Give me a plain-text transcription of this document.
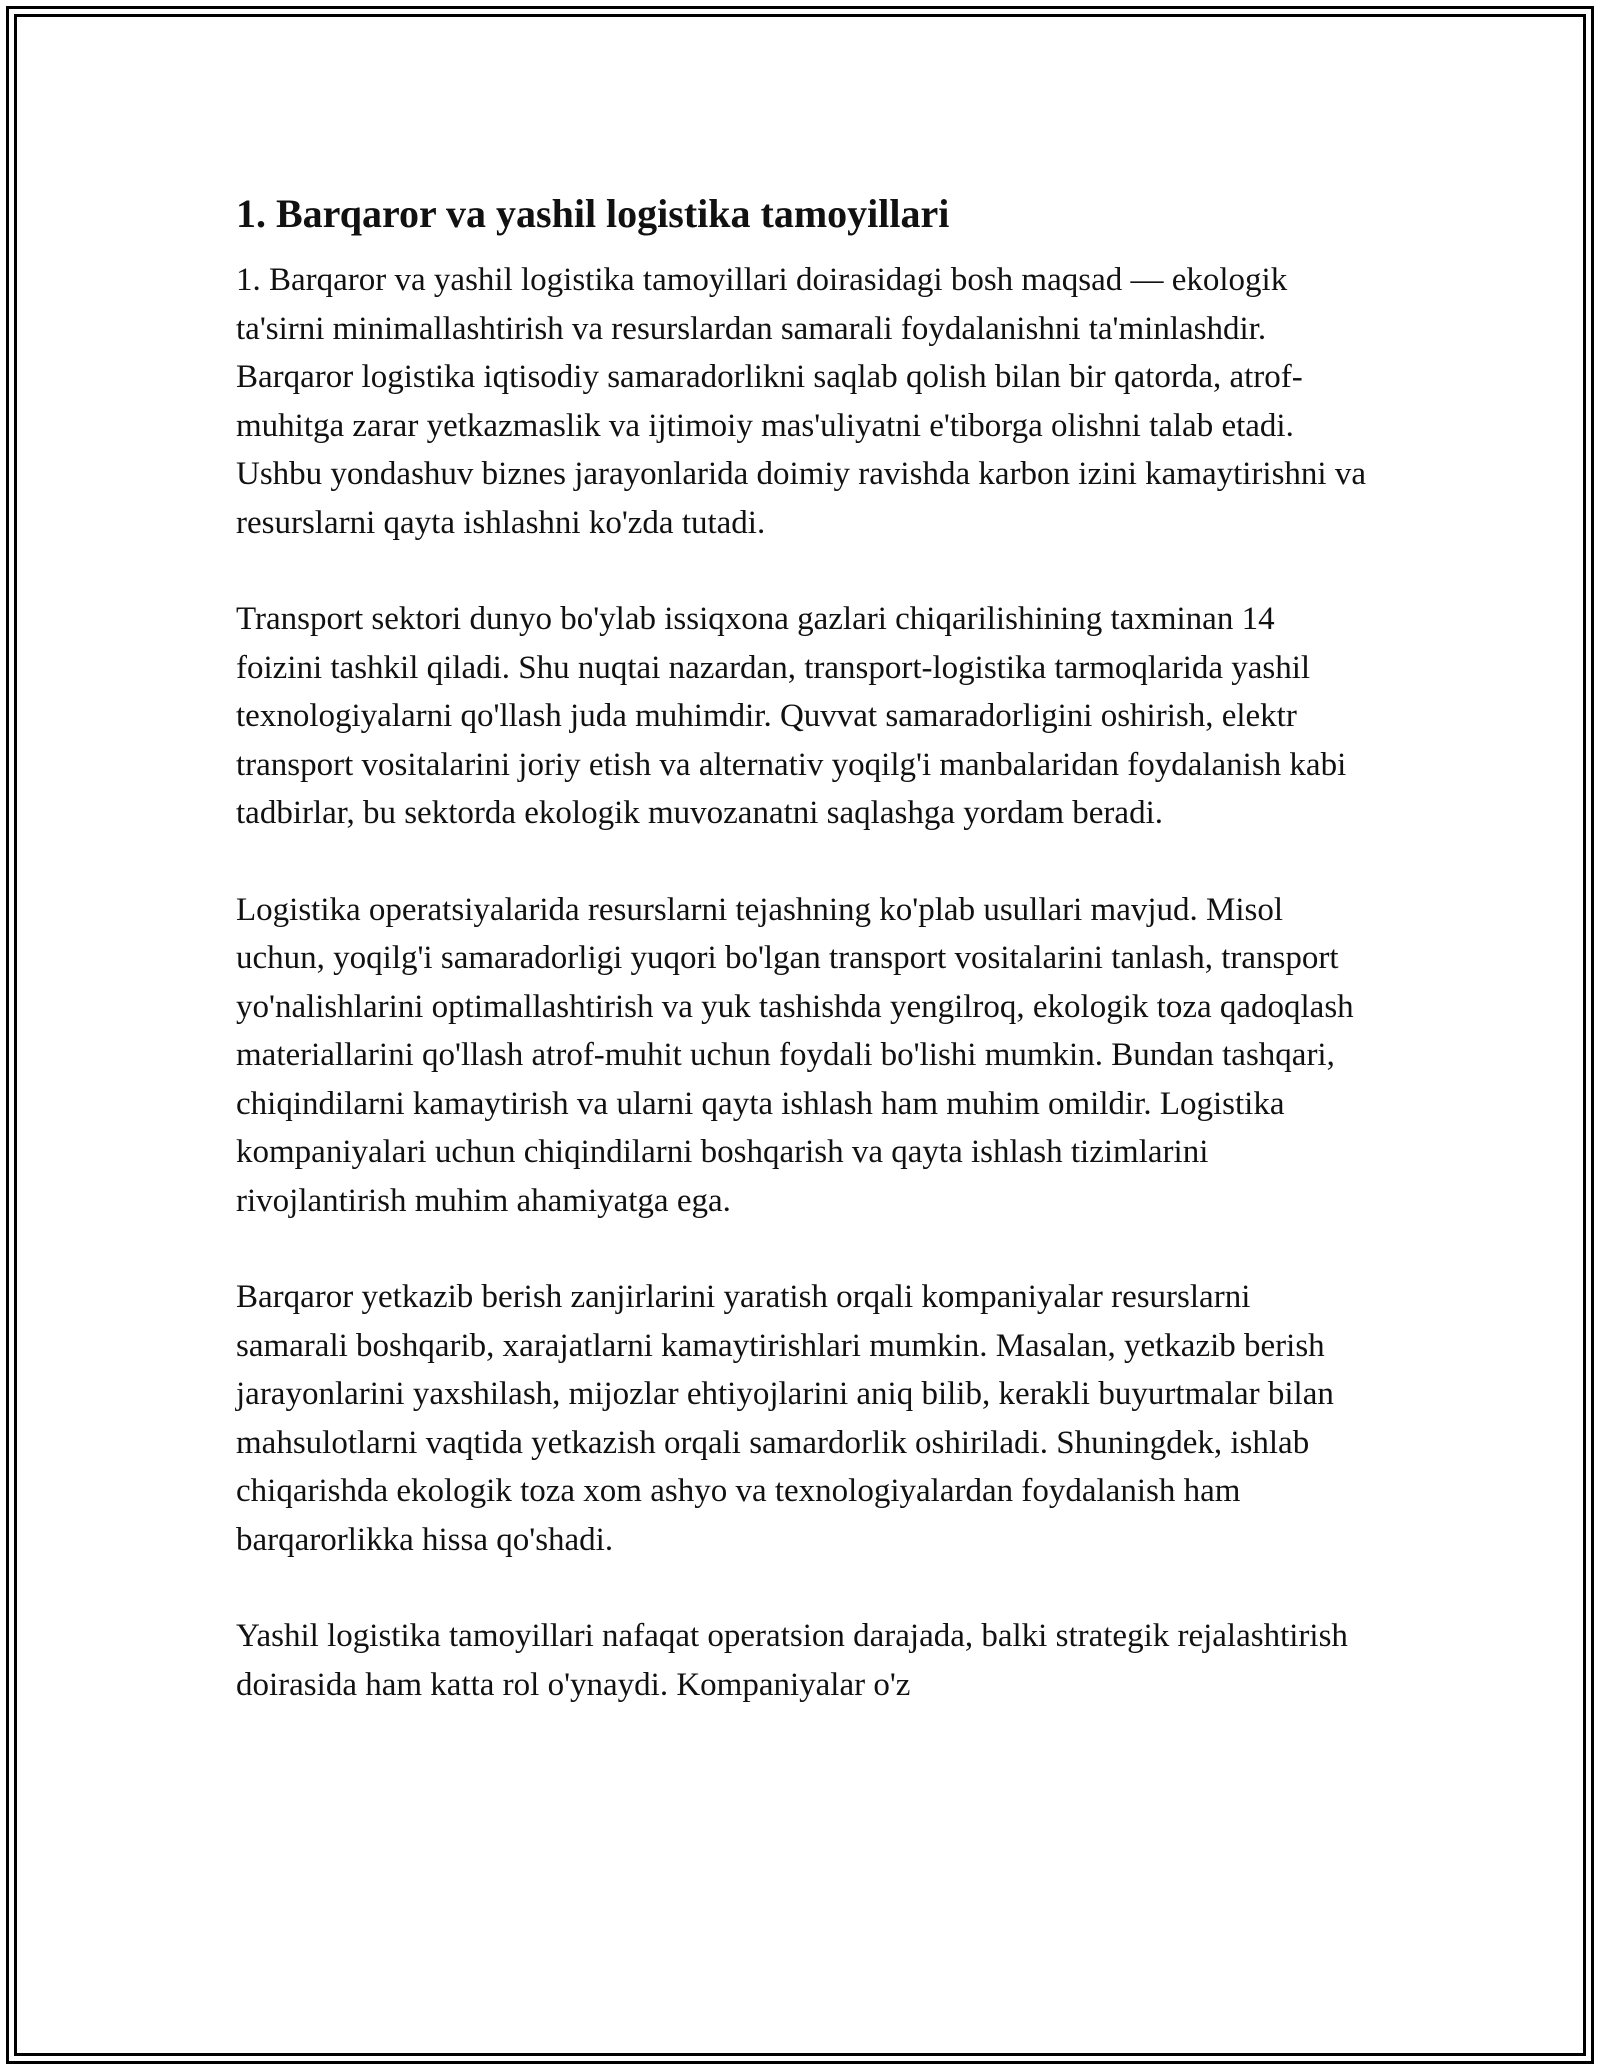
1. Barqaror va yashil logistika tamoyillari

1. Barqaror va yashil logistika tamoyillari doirasidagi bosh maqsad — ekologik ta'sirni minimallashtirish va resurslardan samarali foydalanishni ta'minlashdir. Barqaror logistika iqtisodiy samaradorlikni saqlab qolish bilan bir qatorda, atrof-muhitga zarar yetkazmaslik va ijtimoiy mas'uliyatni e'tiborga olishni talab etadi. Ushbu yondashuv biznes jarayonlarida doimiy ravishda karbon izini kamaytirishni va resurslarni qayta ishlashni ko'zda tutadi.

Transport sektori dunyo bo'ylab issiqxona gazlari chiqarilishining taxminan 14 foizini tashkil qiladi. Shu nuqtai nazardan, transport-logistika tarmoqlarida yashil texnologiyalarni qo'llash juda muhimdir. Quvvat samaradorligini oshirish, elektr transport vositalarini joriy etish va alternativ yoqilg'i manbalaridan foydalanish kabi tadbirlar, bu sektorda ekologik muvozanatni saqlashga yordam beradi.

Logistika operatsiyalarida resurslarni tejashning ko'plab usullari mavjud. Misol uchun, yoqilg'i samaradorligi yuqori bo'lgan transport vositalarini tanlash, transport yo'nalishlarini optimallashtirish va yuk tashishda yengilroq, ekologik toza qadoqlash materiallarini qo'llash atrof-muhit uchun foydali bo'lishi mumkin. Bundan tashqari, chiqindilarni kamaytirish va ularni qayta ishlash ham muhim omildir. Logistika kompaniyalari uchun chiqindilarni boshqarish va qayta ishlash tizimlarini rivojlantirish muhim ahamiyatga ega.

Barqaror yetkazib berish zanjirlarini yaratish orqali kompaniyalar resurslarni samarali boshqarib, xarajatlarni kamaytirishlari mumkin. Masalan, yetkazib berish jarayonlarini yaxshilash, mijozlar ehtiyojlarini aniq bilib, kerakli buyurtmalar bilan mahsulotlarni vaqtida yetkazish orqali samardorlik oshiriladi. Shuningdek, ishlab chiqarishda ekologik toza xom ashyo va texnologiyalardan foydalanish ham barqarorlikka hissa qo'shadi.

Yashil logistika tamoyillari nafaqat operatsion darajada, balki strategik rejalashtirish doirasida ham katta rol o'ynaydi. Kompaniyalar o'z
